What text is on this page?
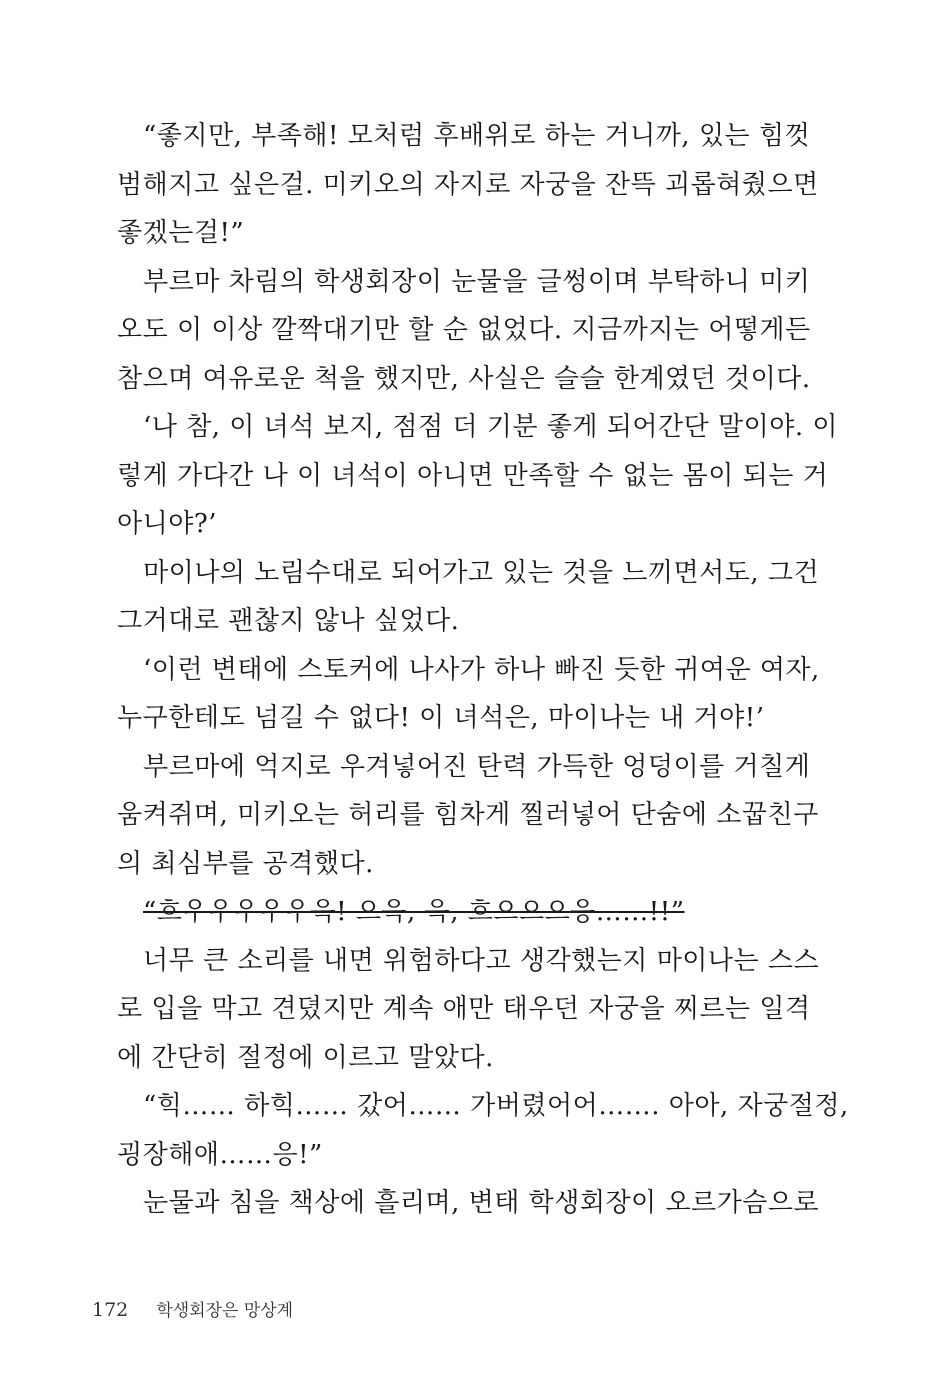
“좋지만, 부족해! 모처럼 후배위로 하는 거니까, 있는 힘껏
범해지고 싶은걸. 미키오의 자지로 자궁을 잔뜩 괴롭혀줬으면
좋겠는걸!”
부르마 차림의 학생회장이 눈물을 글썽이며 부탁하니 미키
오도 이 이상 깔짝대기만 할 순 없었다. 지금까지는 어떻게든
참으며 여유로운 척을 했지만, 사실은 슬슬 한계였던 것이다.
‘나 참, 이 녀석 보지, 점점 더 기분 좋게 되어간단 말이야. 이
렇게 가다간 나 이 녀석이 아니면 만족할 수 없는 몸이 되는 거
아니야?’
마이나의 노림수대로 되어가고 있는 것을 느끼면서도, 그건
그거대로 괜찮지 않나 싶었다.
‘이런 변태에 스토커에 나사가 하나 빠진 듯한 귀여운 여자,
누구한테도 넘길 수 없다! 이 녀석은, 마이나는 내 거야!’
부르마에 억지로 우겨넣어진 탄력 가득한 엉덩이를 거칠게
움켜쥐며, 미키오는 허리를 힘차게 찔러넣어 단숨에 소꿉친구
의 최심부를 공격했다.
“흐우우우우우윽! 으윽, 윽, 흐으으으응……!!”
너무 큰 소리를 내면 위험하다고 생각했는지 마이나는 스스
로 입을 막고 견뎠지만 계속 애만 태우던 자궁을 찌르는 일격
에 간단히 절정에 이르고 말았다.
“힉…… 하힉…… 갔어…… 가버렸어어……. 아아, 자궁절정,
굉장해애……응!”
눈물과 침을 책상에 흘리며, 변태 학생회장이 오르가슴으로
172 학생회장은 망상계
